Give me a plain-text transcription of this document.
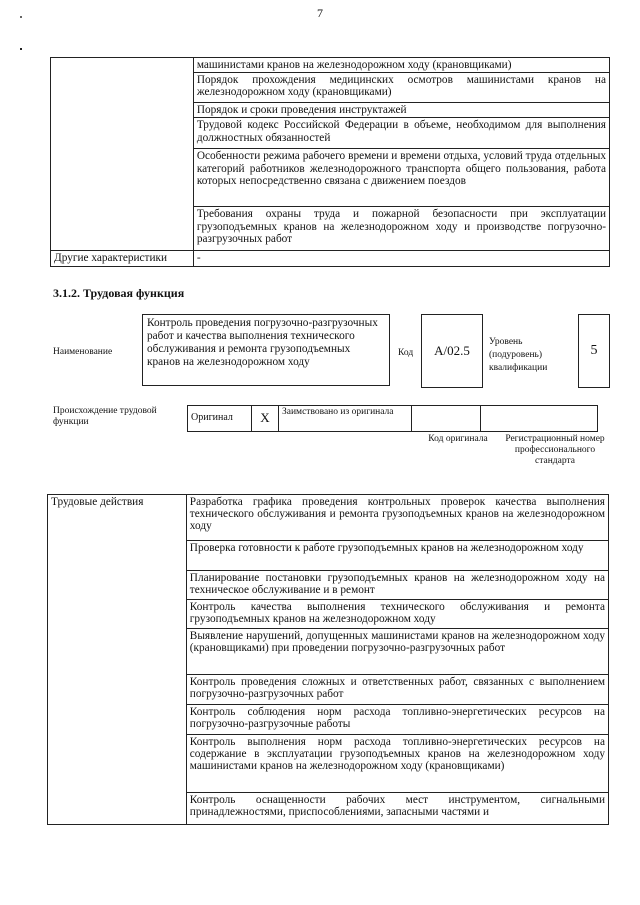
7
	машинистами кранов на железнодорожном ходу (крановщиками)
	Порядок прохождения медицинских осмотров машинистами кранов на железнодорожном ходу (крановщиками)
	Порядок и сроки проведения инструктажей
	Трудовой кодекс Российской Федерации в объеме, необходимом для выполнения должностных обязанностей
	Особенности режима рабочего времени и времени отдыха, условий труда отдельных категорий работников железнодорожного транспорта общего пользования, работа которых непосредственно связана с движением поездов
	Требования охраны труда и пожарной безопасности при эксплуатации грузоподъемных кранов на железнодорожном ходу и производстве погрузочно-разгрузочных работ
Другие характеристики	-
3.1.2. Трудовая функция
Наименование
Контроль проведения погрузочно-разгрузочных работ и качества выполнения технического обслуживания и ремонта грузоподъемных кранов на железнодорожном ходу
Код	А/02.5
Уровень (подуровень) квалификации
5
Происхождение трудовой функции	Оригинал	X	Заимствовано из оригинала		
Код оригинала	Регистрационный номер профессионального стандарта
Трудовые действия	Разработка графика проведения контрольных проверок качества выполнения технического обслуживания и ремонта грузоподъемных кранов на железнодорожном ходу
Проверка готовности к работе грузоподъемных кранов на железнодорожном ходу
Планирование постановки грузоподъемных кранов на железнодорожном ходу на техническое обслуживание и в ремонт
Контроль качества выполнения технического обслуживания и ремонта грузоподъемных кранов на железнодорожном ходу
Выявление нарушений, допущенных машинистами кранов на железнодорожном ходу (крановщиками) при проведении погрузочно-разгрузочных работ
Контроль проведения сложных и ответственных работ, связанных с выполнением погрузочно-разгрузочных работ
Контроль соблюдения норм расхода топливно-энергетических ресурсов на погрузочно-разгрузочные работы
Контроль выполнения норм расхода топливно-энергетических ресурсов на содержание в эксплуатации грузоподъемных кранов на железнодорожном ходу машинистами кранов на железнодорожном ходу (крановщиками)
Контроль оснащенности рабочих мест инструментом, сигнальными принадлежностями, приспособлениями, запасными частями и
